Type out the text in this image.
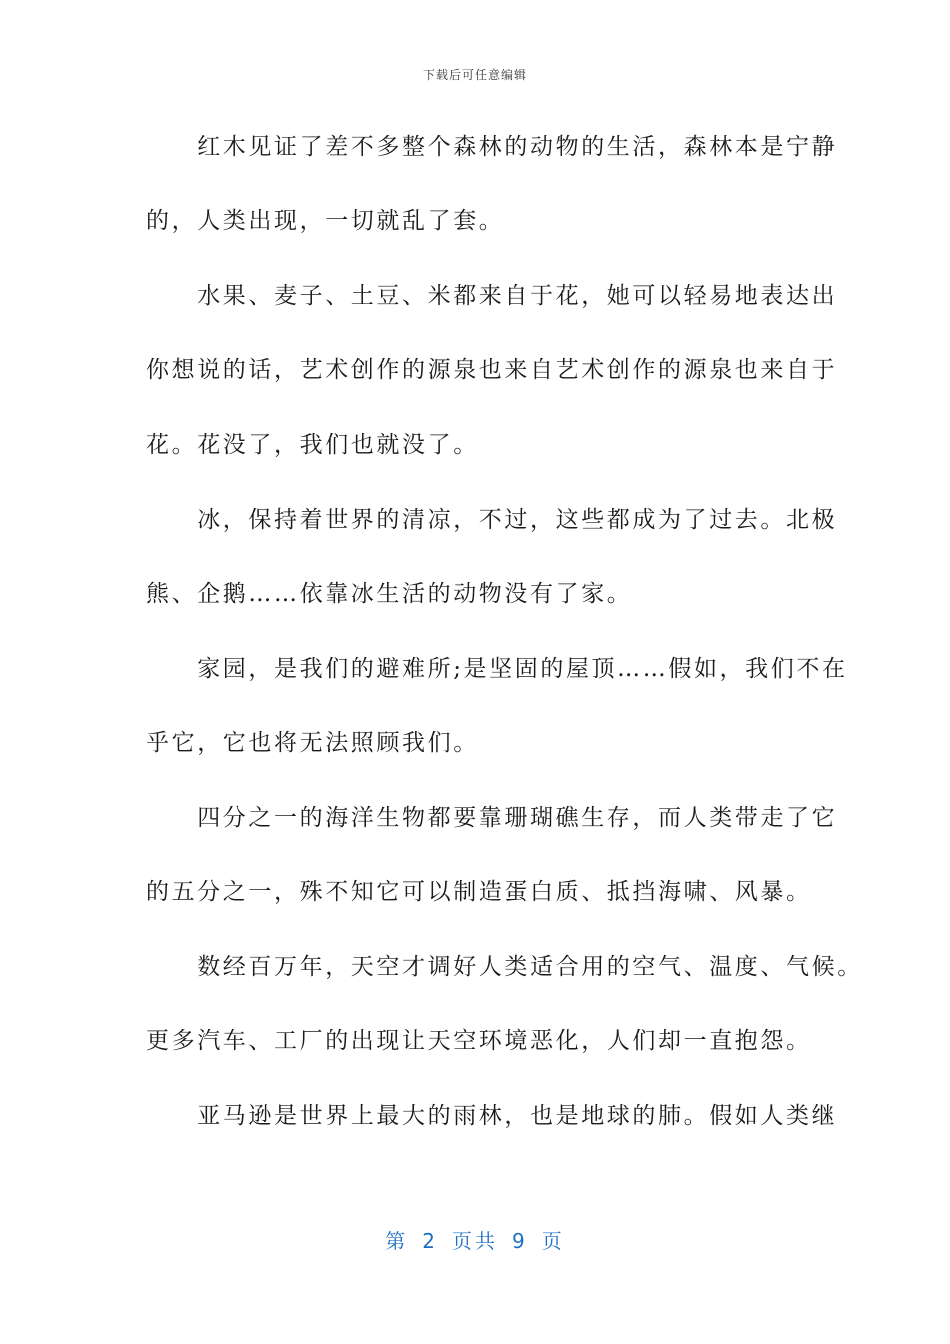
下载后可任意编辑
　　红木见证了差不多整个森林的动物的生活，森林本是宁静
的，人类出现，一切就乱了套。
　　水果、麦子、土豆、米都来自于花，她可以轻易地表达出
你想说的话，艺术创作的源泉也来自艺术创作的源泉也来自于
花。花没了，我们也就没了。
　　冰，保持着世界的清凉，不过，这些都成为了过去。北极
熊、企鹅……依靠冰生活的动物没有了家。
　　家园，是我们的避难所;是坚固的屋顶……假如，我们不在
乎它，它也将无法照顾我们。
　　四分之一的海洋生物都要靠珊瑚礁生存，而人类带走了它
的五分之一，殊不知它可以制造蛋白质、抵挡海啸、风暴。
　　数经百万年，天空才调好人类适合用的空气、温度、气候。
更多汽车、工厂的出现让天空环境恶化，人们却一直抱怨。
　　亚马逊是世界上最大的雨林，也是地球的肺。假如人类继
第 2 页共 9 页
